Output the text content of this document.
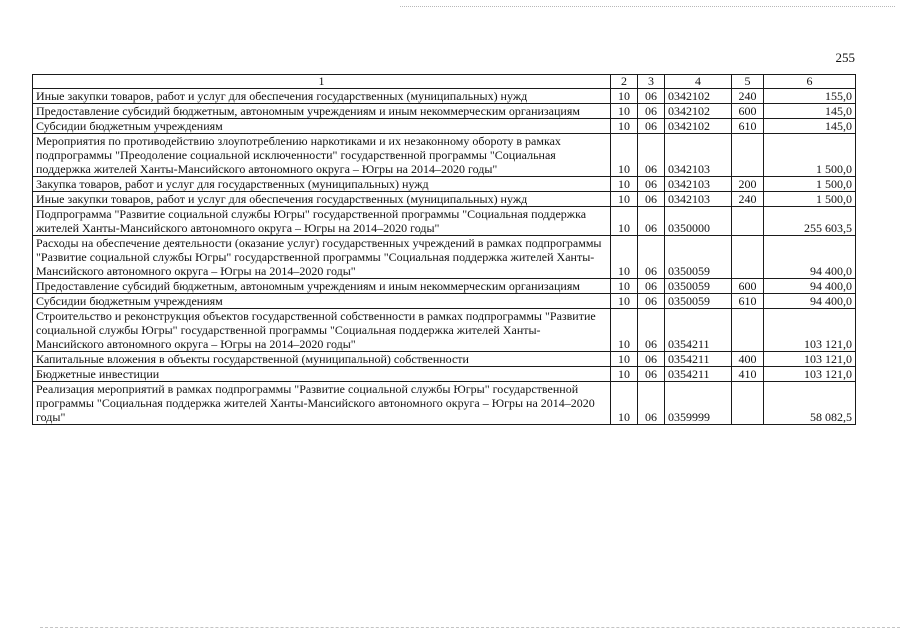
255
1	2	3	4	5	6
Иные закупки товаров, работ и услуг для обеспечения государственных (муниципальных) нужд	10	06	0342102	240	155,0
Предоставление субсидий бюджетным, автономным учреждениям и иным некоммерческим организациям	10	06	0342102	600	145,0
Субсидии бюджетным учреждениям	10	06	0342102	610	145,0
Мероприятия по противодействию злоупотреблению наркотиками и их незаконному обороту в рамках подпрограммы "Преодоление социальной исключенности" государственной программы "Социальная поддержка жителей Ханты-Мансийского автономного округа – Югры на 2014–2020 годы"	10	06	0342103		1 500,0
Закупка товаров, работ и услуг для государственных (муниципальных) нужд	10	06	0342103	200	1 500,0
Иные закупки товаров, работ и услуг для обеспечения государственных (муниципальных) нужд	10	06	0342103	240	1 500,0
Подпрограмма "Развитие социальной службы Югры" государственной программы "Социальная поддержка жителей Ханты-Мансийского автономного округа – Югры на 2014–2020 годы"	10	06	0350000		255 603,5
Расходы на обеспечение деятельности (оказание услуг) государственных учреждений в рамках подпрограммы "Развитие социальной службы Югры" государственной программы "Социальная поддержка жителей Ханты-Мансийского автономного округа – Югры на 2014–2020 годы"	10	06	0350059		94 400,0
Предоставление субсидий бюджетным, автономным учреждениям и иным некоммерческим организациям	10	06	0350059	600	94 400,0
Субсидии бюджетным учреждениям	10	06	0350059	610	94 400,0
Строительство и реконструкция объектов государственной собственности в рамках подпрограммы "Развитие социальной службы Югры" государственной программы "Социальная поддержка жителей Ханты-Мансийского автономного округа – Югры на 2014–2020 годы"	10	06	0354211		103 121,0
Капитальные вложения в объекты государственной (муниципальной) собственности	10	06	0354211	400	103 121,0
Бюджетные инвестиции	10	06	0354211	410	103 121,0
Реализация мероприятий в рамках подпрограммы "Развитие социальной службы Югры" государственной программы "Социальная поддержка жителей Ханты-Мансийского автономного округа – Югры на 2014–2020 годы"	10	06	0359999		58 082,5
